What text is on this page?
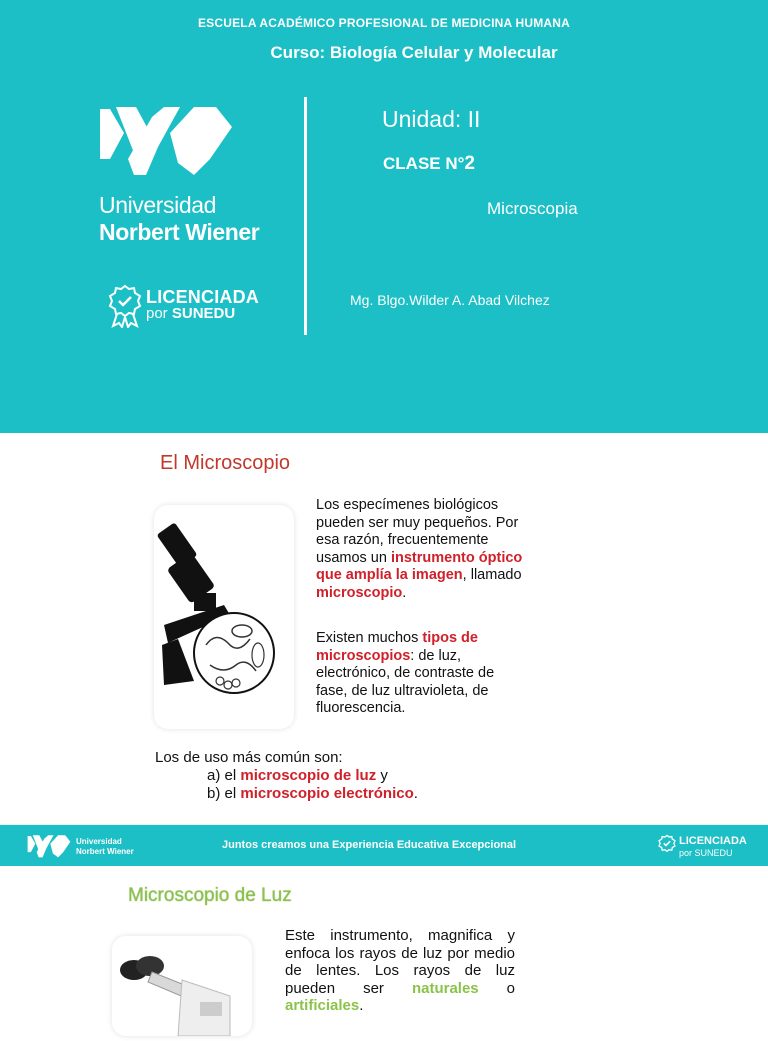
ESCUELA ACADÉMICO PROFESIONAL DE MEDICINA HUMANA
Curso: Biología Celular y Molecular
Universidad
Norbert Wiener
LICENCIADA
por SUNEDU
Unidad: II
CLASE N°2
Microscopia
Mg. Blgo.Wilder A. Abad Vilchez
El Microscopio
Los especímenes biológicos pueden ser muy pequeños. Por esa razón, frecuentemente usamos un instrumento óptico que amplía la imagen, llamado microscopio.
Existen muchos tipos de microscopios: de luz, electrónico, de contraste de fase, de luz ultravioleta, de fluorescencia.
Los de uso más común son:
a) el microscopio de luz y
b) el microscopio electrónico.
Universidad
Norbert Wiener
Juntos creamos una Experiencia Educativa Excepcional	LICENCIADA
por SUNEDU
Microscopio de Luz
Este instrumento, magnifica y enfoca los rayos de luz por medio de lentes. Los rayos de luz pueden ser naturales o artificiales.
